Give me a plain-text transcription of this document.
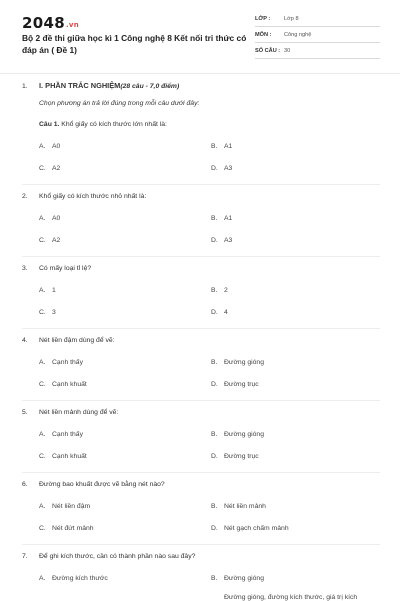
2048.vn
Bộ 2 đề thi giữa học kì 1 Công nghệ 8 Kết nối tri thức có đáp án ( Đề 1)
LỚP : Lớp 8
MÔN : Công nghệ
SỐ CÂU : 30
1. I. PHẦN TRẮC NGHIỆM(28 câu - 7,0 điểm)
Chọn phương án trả lời đúng trong mỗi câu dưới đây:
Câu 1. Khổ giấy có kích thước lớn nhất là:
A. A0	B. A1
C. A2	D. A3
2. Khổ giấy có kích thước nhỏ nhất là:
A. A0	B. A1
C. A2	D. A3
3. Có mấy loại tỉ lệ?
A. 1	B. 2
C. 3	D. 4
4. Nét liền đậm dùng để vẽ:
A. Cạnh thấy	B. Đường gióng
C. Cạnh khuất	D. Đường trục
5. Nét liền mảnh dùng để vẽ:
A. Cạnh thấy	B. Đường gióng
C. Cạnh khuất	D. Đường trục
6. Đường bao khuất được vẽ bằng nét nào?
A. Nét liền đậm	B. Nét liền mảnh
C. Nét đứt mảnh	D. Nét gạch chấm mảnh
7. Để ghi kích thước, cần có thành phần nào sau đây?
A. Đường kích thước	B. Đường gióng
Đường gióng, đường kích thước, giá trị kích
